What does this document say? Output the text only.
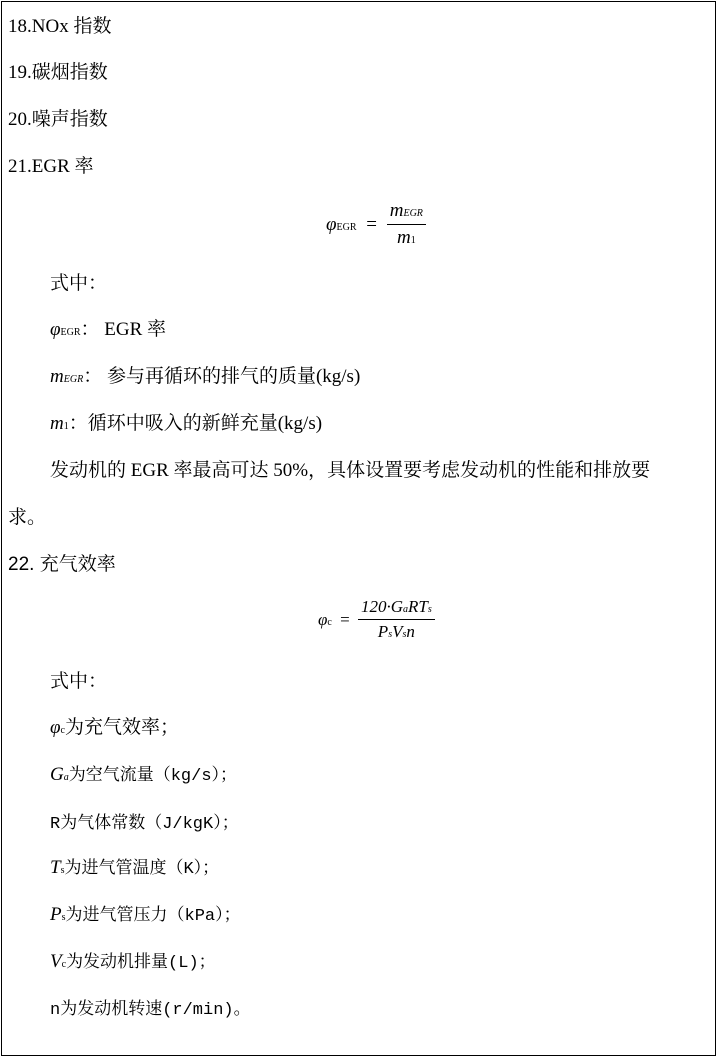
18.NOx 指数
19.碳烟指数
20.噪声指数
21.EGR 率
$\varphi EGR = \frac{\text{mEGR}}{m1}$
式中：
φEGR： EGR 率
mEGR： 参与再循环的排气的质量(kg/s)
m1：循环中吸入的新鲜充量(kg/s)
发动机的 EGR 率最高可达 50%，具体设置要考虑发动机的性能和排放要
求。
22. 充气效率
$\varphi c = \frac{\text{120·GaRTs}}{\text{PsVsn}}$
式中：
φc为充气效率；
Ga为空气流量（kg/s）；
R为气体常数（J/kgK）；
Ts为进气管温度（K）；
Ps为进气管压力（kPa）；
Vc为发动机排量(L)；
n为发动机转速(r/min)。
